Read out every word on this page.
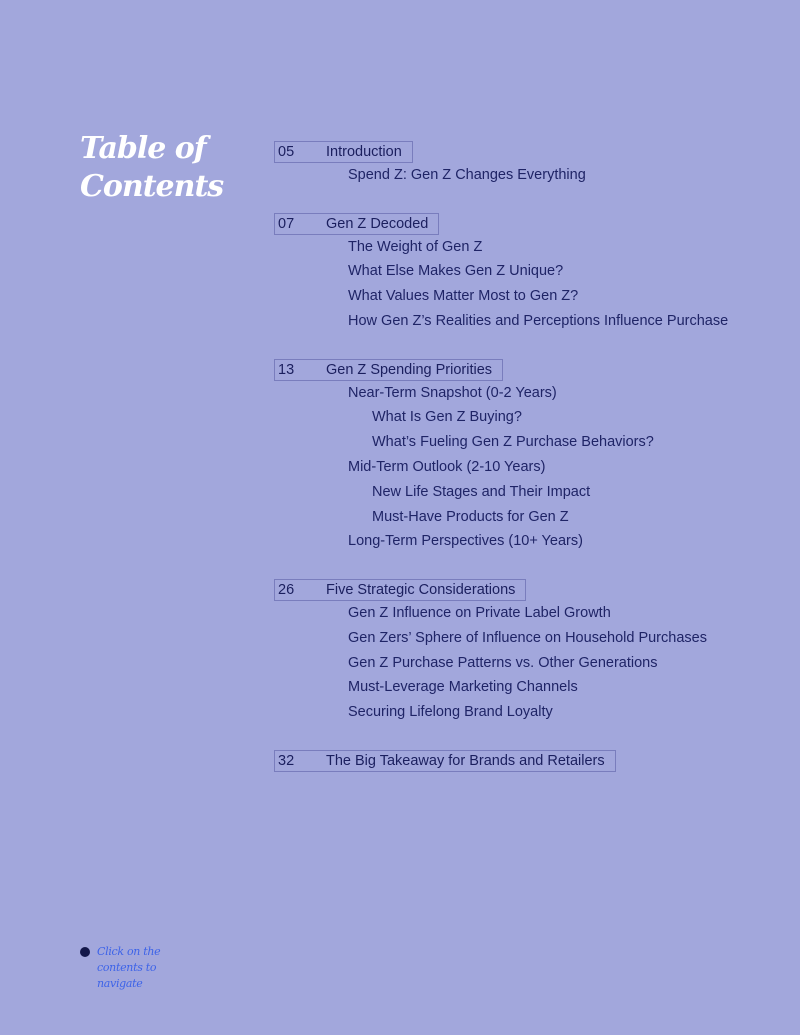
Table of
Contents
05	Introduction
Spend Z: Gen Z Changes Everything
07	Gen Z Decoded
The Weight of Gen Z
What Else Makes Gen Z Unique?
What Values Matter Most to Gen Z?
How Gen Z’s Realities and Perceptions Influence Purchase
13	Gen Z Spending Priorities
Near-Term Snapshot (0-2 Years)
What Is Gen Z Buying?
What’s Fueling Gen Z Purchase Behaviors?
Mid-Term Outlook (2-10 Years)
New Life Stages and Their Impact
Must-Have Products for Gen Z
Long-Term Perspectives (10+ Years)
26	Five Strategic Considerations
Gen Z Influence on Private Label Growth
Gen Zers’ Sphere of Influence on Household Purchases
Gen Z Purchase Patterns vs. Other Generations
Must-Leverage Marketing Channels
Securing Lifelong Brand Loyalty
32	The Big Takeaway for Brands and Retailers
Click on the
contents to
navigate
